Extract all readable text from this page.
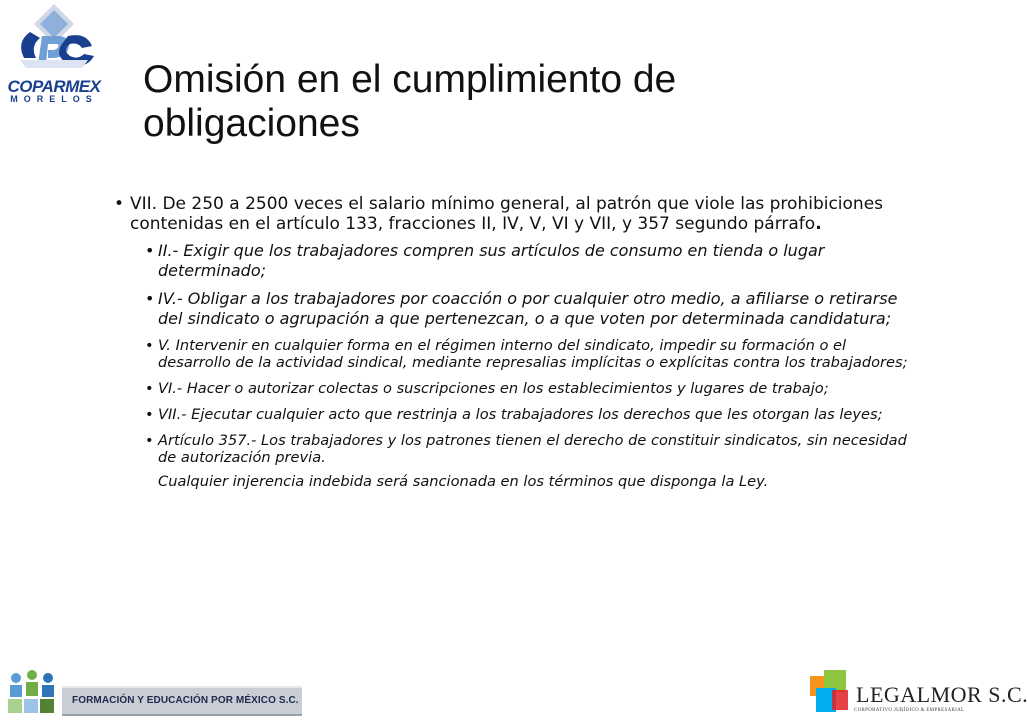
COPARMEX
MORELOS Omisión en el cumplimiento de
obligaciones
• VII. De 250 a 2500 veces el salario mínimo general, al patrón que viole las prohibiciones contenidas en el artículo 133, fracciones II, IV, V, VI y VII, y 357 segundo párrafo.
• II.- Exigir que los trabajadores compren sus artículos de consumo en tienda o lugar determinado;
• IV.- Obligar a los trabajadores por coacción o por cualquier otro medio, a afiliarse o retirarse del sindicato o agrupación a que pertenezcan, o a que voten por determinada candidatura;
• V. Intervenir en cualquier forma en el régimen interno del sindicato, impedir su formación o el desarrollo de la actividad sindical, mediante represalias implícitas o explícitas contra los trabajadores;
• VI.- Hacer o autorizar colectas o suscripciones en los establecimientos y lugares de trabajo;
• VII.- Ejecutar cualquier acto que restrinja a los trabajadores los derechos que les otorgan las leyes;
• Artículo 357.- Los trabajadores y los patrones tienen el derecho de constituir sindicatos, sin necesidad de autorización previa.
Cualquier injerencia indebida será sancionada en los términos que disponga la Ley.
FORMACIÓN Y EDUCACIÓN POR MÉXICO S.C.	LEGALMOR S.C.
CORPORATIVO JURÍDICO & EMPRESARIAL
